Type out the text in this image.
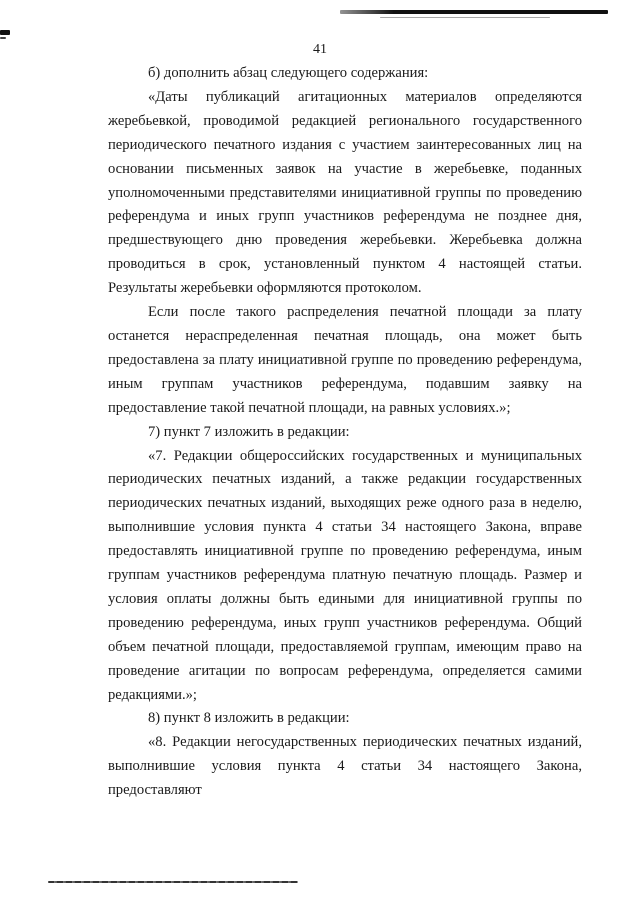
41

б) дополнить абзац следующего содержания:

«Даты публикаций агитационных материалов определяются жеребьевкой, проводимой редакцией регионального государственного периодического печатного издания с участием заинтересованных лиц на основании письменных заявок на участие в жеребьевке, поданных уполномоченными представителями инициативной группы по проведению референдума и иных групп участников референдума не позднее дня, предшествующего дню проведения жеребьевки. Жеребьевка должна проводиться в срок, установленный пунктом 4 настоящей статьи. Результаты жеребьевки оформляются протоколом.

Если после такого распределения печатной площади за плату останется нераспределенная печатная площадь, она может быть предоставлена за плату инициативной группе по проведению референдума, иным группам участников референдума, подавшим заявку на предоставление такой печатной площади, на равных условиях.»;

7) пункт 7 изложить в редакции:

«7. Редакции общероссийских государственных и муниципальных периодических печатных изданий, а также редакции государственных периодических печатных изданий, выходящих реже одного раза в неделю, выполнившие условия пункта 4 статьи 34 настоящего Закона, вправе предоставлять инициативной группе по проведению референдума, иным группам участников референдума платную печатную площадь. Размер и условия оплаты должны быть едиными для инициативной группы по проведению референдума, иных групп участников референдума. Общий объем печатной площади, предоставляемой группам, имеющим право на проведение агитации по вопросам референдума, определяется самими редакциями.»;

8) пункт 8 изложить в редакции:

«8. Редакции негосударственных периодических печатных изданий, выполнившие условия пункта 4 статьи 34 настоящего Закона, предоставляют
